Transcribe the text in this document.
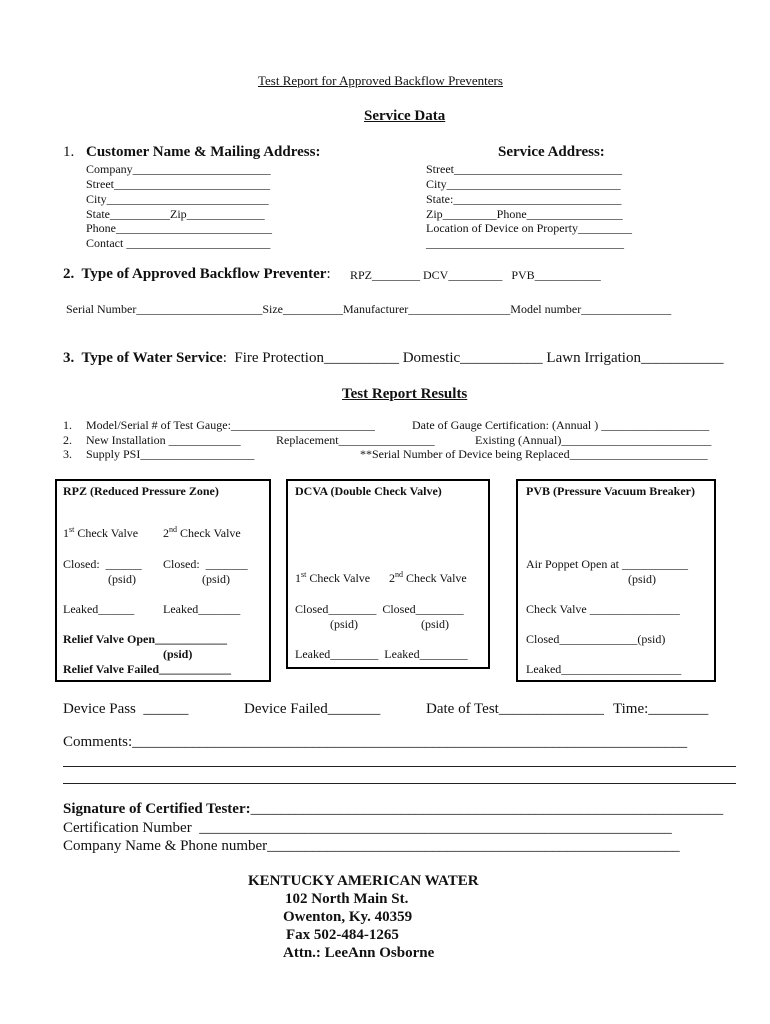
Test Report for Approved Backflow Preventers
Service Data
1. Customer Name & Mailing Address:
Company_______________________
Street__________________________
City___________________________
State__________Zip_____________
Phone__________________________
Contact ________________________
Service Address:
Street____________________________
City_____________________________
State:____________________________
Zip_________Phone________________
Location of Device on Property_________
_________________________________
2.  Type of Approved Backflow Preventer: RPZ________ DCV_________   PVB___________
Serial Number_____________________Size__________Manufacturer_________________Model number_______________
3.  Type of Water Service:  Fire Protection__________ Domestic___________ Lawn Irrigation___________
Test Report Results
1. Model/Serial # of Test Gauge:________________________	Date of Gauge Certification: (Annual ) __________________
2. New Installation ____________	Replacement________________	Existing (Annual)_________________________
3. Supply PSI___________________	**Serial Number of Device being Replaced_______________________
RPZ (Reduced Pressure Zone)
1st Check Valve 2nd Check Valve
Closed:  ______ Closed:  _______
(psid)	(psid)
Leaked______ Leaked_______
Relief Valve Open____________
(psid)
Relief Valve Failed____________
DCVA (Double Check Valve)
1st Check Valve 2nd Check Valve
Closed________  Closed________
(psid)	(psid)
Leaked________  Leaked________
PVB (Pressure Vacuum Breaker)
Air Poppet Open at ___________
(psid)
Check Valve _______________
Closed_____________(psid)
Leaked____________________
Device Pass  ______	Device Failed_______	Date of Test______________ Time:________
Comments:__________________________________________________________________________
Signature of Certified Tester:_______________________________________________________________
Certification Number  _______________________________________________________________
Company Name & Phone number_______________________________________________________
KENTUCKY AMERICAN WATER
102 North Main St.
Owenton, Ky. 40359
Fax 502-484-1265
Attn.: LeeAnn Osborne
